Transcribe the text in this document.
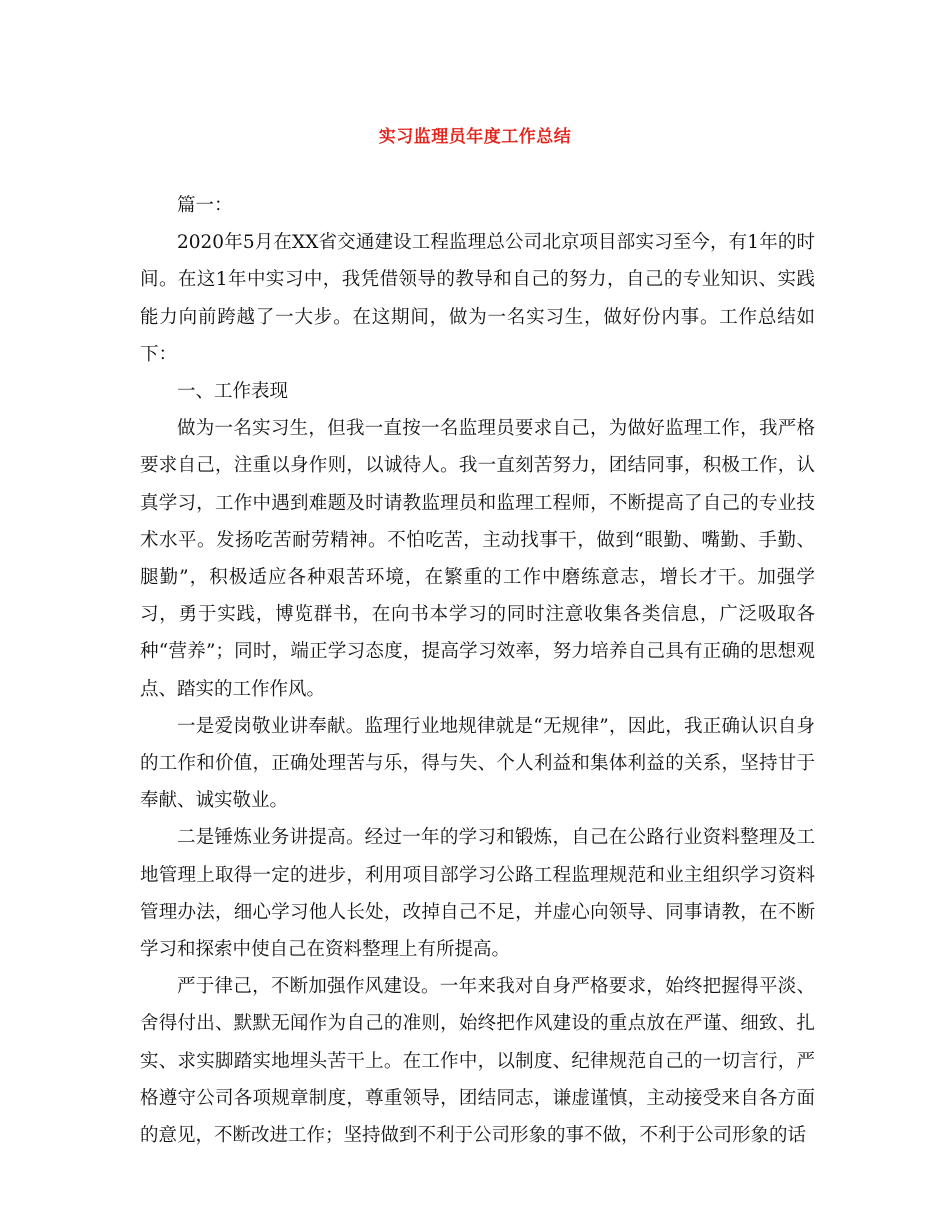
实习监理员年度工作总结

篇一：

2020年5月在XX省交通建设工程监理总公司北京项目部实习至今，有1年的时间。在这1年中实习中，我凭借领导的教导和自己的努力，自己的专业知识、实践能力向前跨越了一大步。在这期间，做为一名实习生，做好份内事。工作总结如下：

一、工作表现

做为一名实习生，但我一直按一名监理员要求自己，为做好监理工作，我严格要求自己，注重以身作则，以诚待人。我一直刻苦努力，团结同事，积极工作，认真学习，工作中遇到难题及时请教监理员和监理工程师，不断提高了自己的专业技术水平。发扬吃苦耐劳精神。不怕吃苦，主动找事干，做到“眼勤、嘴勤、手勤、腿勤”，积极适应各种艰苦环境，在繁重的工作中磨练意志，增长才干。加强学习，勇于实践，博览群书，在向书本学习的同时注意收集各类信息，广泛吸取各种“营养”；同时，端正学习态度，提高学习效率，努力培养自己具有正确的思想观点、踏实的工作作风。

一是爱岗敬业讲奉献。监理行业地规律就是“无规律”，因此，我正确认识自身的工作和价值，正确处理苦与乐，得与失、个人利益和集体利益的关系，坚持甘于奉献、诚实敬业。

二是锤炼业务讲提高。经过一年的学习和锻炼，自己在公路行业资料整理及工地管理上取得一定的进步，利用项目部学习公路工程监理规范和业主组织学习资料管理办法，细心学习他人长处，改掉自己不足，并虚心向领导、同事请教，在不断学习和探索中使自己在资料整理上有所提高。

严于律己，不断加强作风建设。一年来我对自身严格要求，始终把握得平淡、舍得付出、默默无闻作为自己的准则，始终把作风建设的重点放在严谨、细致、扎实、求实脚踏实地埋头苦干上。在工作中，以制度、纪律规范自己的一切言行，严格遵守公司各项规章制度，尊重领导，团结同志，谦虚谨慎，主动接受来自各方面的意见，不断改进工作；坚持做到不利于公司形象的事不做，不利于公司形象的话
